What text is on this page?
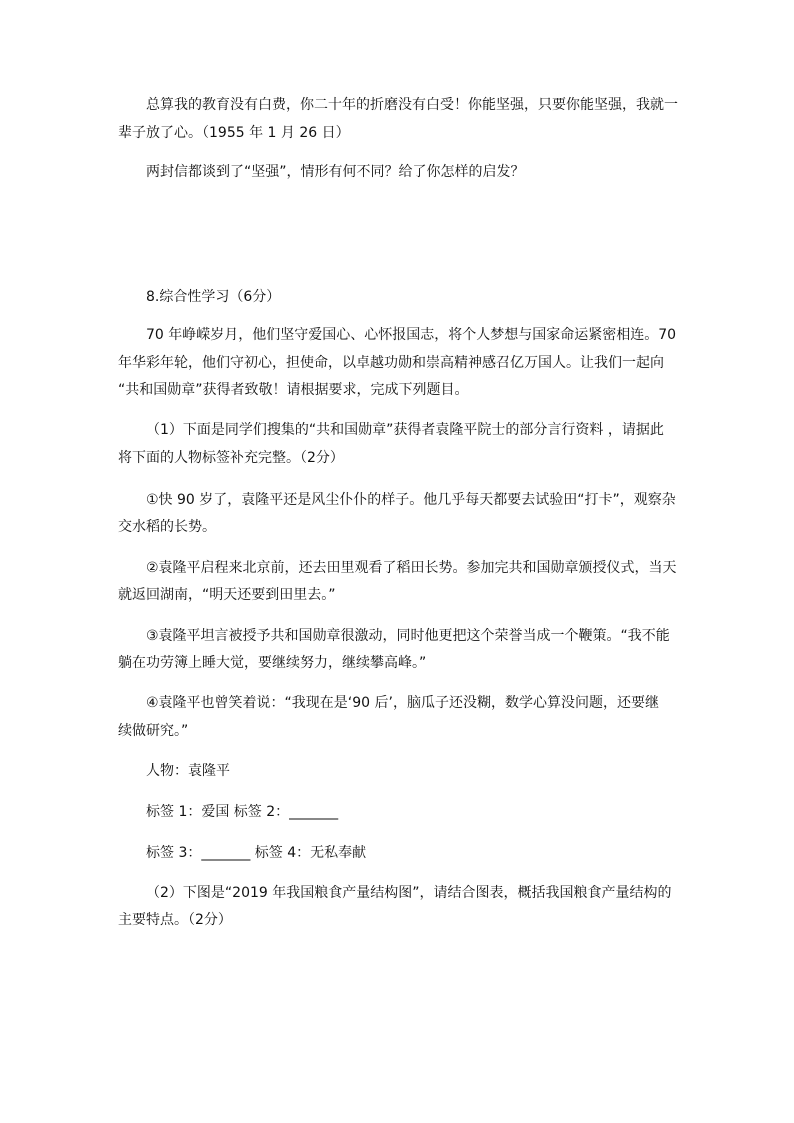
总算我的教育没有白费，你二十年的折磨没有白受！你能坚强，只要你能坚强，我就一
辈子放了心。（1955 年 1 月 26 日）
两封信都谈到了“坚强”，情形有何不同？给了你怎样的启发？
8.综合性学习（6分）
70 年峥嵘岁月，他们坚守爱国心、心怀报国志，将个人梦想与国家命运紧密相连。70
年华彩年轮，他们守初心，担使命，以卓越功勋和崇高精神感召亿万国人。让我们一起向
“共和国勋章”获得者致敬！请根据要求，完成下列题目。
（1）下面是同学们搜集的“共和国勋章”获得者袁隆平院士的部分言行资料 ，请据此
将下面的人物标签补充完整。（2分）
①快 90 岁了，袁隆平还是风尘仆仆的样子。他几乎每天都要去试验田“打卡”，观察杂
交水稻的长势。
②袁隆平启程来北京前，还去田里观看了稻田长势。参加完共和国勋章颁授仪式，当天
就返回湖南，“明天还要到田里去。”
③袁隆平坦言被授予共和国勋章很激动，同时他更把这个荣誉当成一个鞭策。“我不能
躺在功劳簿上睡大觉，要继续努力，继续攀高峰。”
④袁隆平也曾笑着说：“我现在是‘90 后’，脑瓜子还没糊，数学心算没问题，还要继
续做研究。”
人物：袁隆平
标签 1：爱国 标签 2：_______
标签 3：_______ 标签 4：无私奉献
（2）下图是“2019 年我国粮食产量结构图”，请结合图表，概括我国粮食产量结构的
主要特点。（2分）
